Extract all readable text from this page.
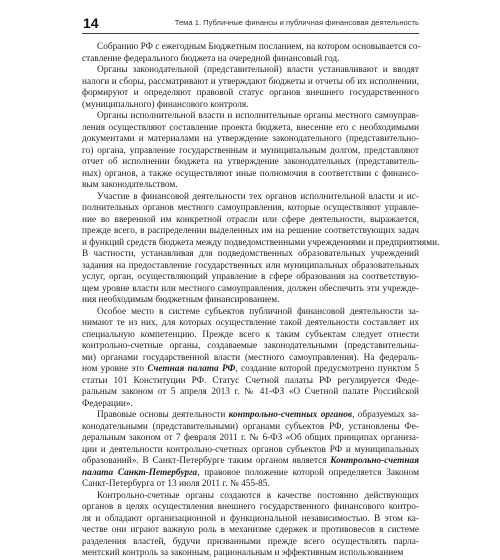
14	Тема 1. Публичные финансы и публичная финансовая деятельность
Собранию РФ с ежегодным Бюджетным посланием, на котором основывается со-
ставление федерального бюджета на очередной финансовый год.
Органы законодательной (представительной) власти устанавливают и вводят
налоги и сборы, рассматривают и утверждают бюджеты и отчеты об их исполнении,
формируют и определяют правовой статус органов внешнего государственного
(муниципального) финансового контроля.
Органы исполнительной власти и исполнительные органы местного самоуправ-
ления осуществляют составление проекта бюджета, внесение его с необходимыми
документами и материалами на утверждение законодательного (представительно-
го) органа, управление государственным и муниципальным долгом, представляют
отчет об исполнении бюджета на утверждение законодательных (представитель-
ных) органов, а также осуществляют иные полномочия в соответствии с финансо-
вым законодательством.
Участие в финансовой деятельности тех органов исполнительной власти и ис-
полнительных органов местного самоуправления, которые осуществляют управле-
ние во вверенной им конкретной отрасли или сфере деятельности, выражается,
прежде всего, в распределении выделенных им на решение соответствующих задач
и функций средств бюджета между подведомственными учреждениями и предприятиями.
В частности, устанавливая для подведомственных образовательных учреждений
задания на предоставление государственных или муниципальных образовательных
услуг, орган, осуществляющий управление в сфере образования на соответствую-
щем уровне власти или местного самоуправления, должен обеспечить эти учрежде-
ния необходимым бюджетным финансированием.
Особое место в системе субъектов публичной финансовой деятельности за-
нимают те из них, для которых осуществление такой деятельности составляет их
специальную компетенцию. Прежде всего к таким субъектам следует отнести
контрольно-счетные органы, создаваемые законодательными (представительны-
ми) органами государственной власти (местного самоуправления). На федераль-
ном уровне это Счетная палата РФ, создание которой предусмотрено пунктом 5
статьи 101 Конституции РФ. Статус Счетной палаты РФ регулируется Феде-
ральным законом от 5 апреля 2013 г. № 41-ФЗ «О Счетной палате Российской
Федерации».
Правовые основы деятельности контрольно-счетных органов, образуемых за-
конодательными (представительными) органами субъектов РФ, установлены Фе-
деральным законом от 7 февраля 2011 г. № 6-ФЗ «Об общих принципах организа-
ции и деятельности контрольно-счетных органов субъектов РФ и муниципальных
образований». В Санкт-Петербурге таким органом является Контрольно-счетная
палата Санкт-Петербурга, правовое положение которой определяется Законом
Санкт-Петербурга от 13 июля 2011 г. № 455-85.
Контрольно-счетные органы создаются в качестве постоянно действующих
органов в целях осуществления внешнего государственного финансового контро-
ля и обладают организационной и функциональной независимостью. В этом ка-
честве они играют важную роль в механизме сдержек и противовесов в системе
разделения властей, будучи призванными прежде всего осуществлять парла-
ментский контроль за законным, рациональным и эффективным использованием
